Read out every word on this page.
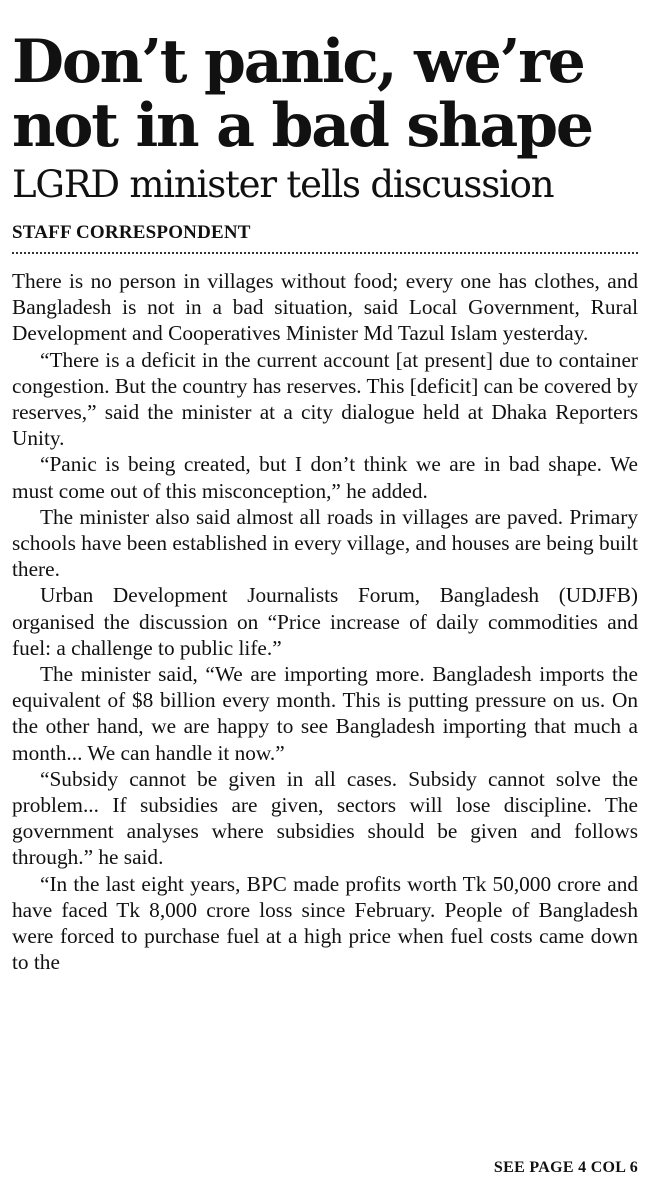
Don’t panic, we’re not in a bad shape
LGRD minister tells discussion
STAFF CORRESPONDENT

There is no person in villages without food; every one has clothes, and Bangladesh is not in a bad situation, said Local Government, Rural Development and Cooperatives Minister Md Tazul Islam yesterday.

“There is a deficit in the current account [at present] due to container congestion. But the country has reserves. This [deficit] can be covered by reserves,” said the minister at a city dialogue held at Dhaka Reporters Unity.

“Panic is being created, but I don’t think we are in bad shape. We must come out of this misconception,” he added.

The minister also said almost all roads in villages are paved. Primary schools have been established in every village, and houses are being built there.

Urban Development Journalists Forum, Bangladesh (UDJFB) organised the discussion on “Price increase of daily commodities and fuel: a challenge to public life.”

The minister said, “We are importing more. Bangladesh imports the equivalent of $8 billion every month. This is putting pressure on us. On the other hand, we are happy to see Bangladesh importing that much a month... We can handle it now.”

“Subsidy cannot be given in all cases. Subsidy cannot solve the problem... If subsidies are given, sectors will lose discipline. The government analyses where subsidies should be given and follows through.” he said.

“In the last eight years, BPC made profits worth Tk 50,000 crore and have faced Tk 8,000 crore loss since February. People of Bangladesh were forced to purchase fuel at a high price when fuel costs came down to the

SEE PAGE 4 COL 6
